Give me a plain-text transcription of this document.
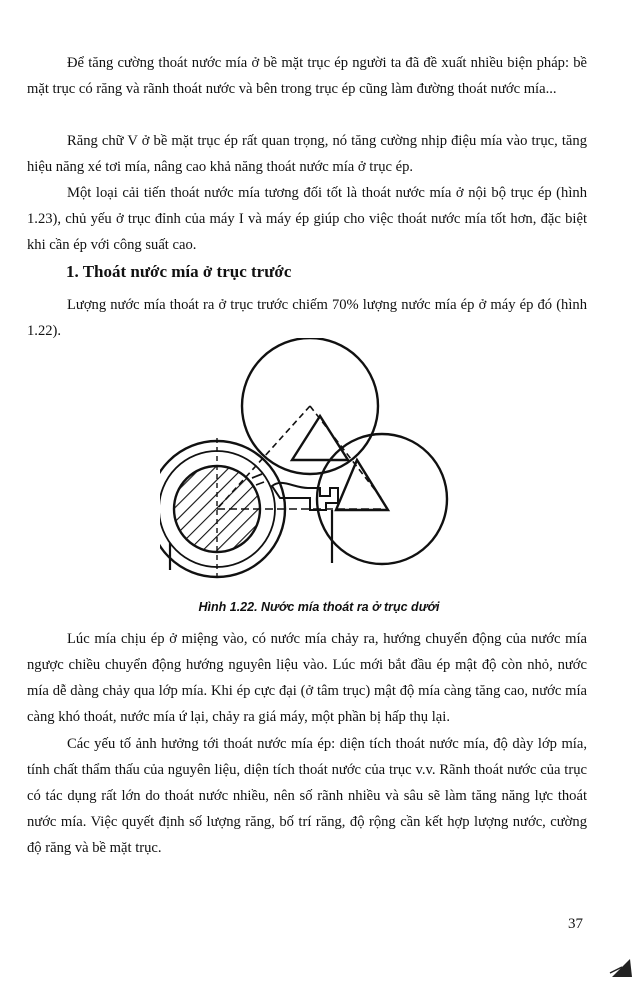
Để tăng cường thoát nước mía ở bề mặt trục ép người ta đã đề xuất nhiều biện pháp: bề mặt trục có răng và rãnh thoát nước và bên trong trục ép cũng làm đường thoát nước mía...

Răng chữ V ở bề mặt trục ép rất quan trọng, nó tăng cường nhịp điệu mía vào trục, tăng hiệu năng xé tơi mía, nâng cao khả năng thoát nước mía ở trục ép.

Một loại cải tiến thoát nước mía tương đối tốt là thoát nước mía ở nội bộ trục ép (hình 1.23), chủ yếu ở trục đỉnh của máy I và máy ép giúp cho việc thoát nước mía tốt hơn, đặc biệt khi cần ép với công suất cao.

1. Thoát nước mía ở trục trước

Lượng nước mía thoát ra ở trục trước chiếm 70% lượng nước mía ép ở máy ép đó (hình 1.22).

Hình 1.22. Nước mía thoát ra ở trục dưới

Lúc mía chịu ép ở miệng vào, có nước mía chảy ra, hướng chuyển động của nước mía ngược chiều chuyển động hướng nguyên liệu vào. Lúc mới bắt đầu ép mật độ còn nhỏ, nước mía dễ dàng chảy qua lớp mía. Khi ép cực đại (ở tâm trục) mật độ mía càng tăng cao, nước mía càng khó thoát, nước mía ứ lại, chảy ra giá máy, một phần bị hấp thụ lại.

Các yếu tố ảnh hưởng tới thoát nước mía ép: diện tích thoát nước mía, độ dày lớp mía, tính chất thẩm thấu của nguyên liệu, diện tích thoát nước của trục v.v. Rãnh thoát nước của trục có tác dụng rất lớn do thoát nước nhiều, nên số rãnh nhiều và sâu sẽ làm tăng năng lực thoát nước mía. Việc quyết định số lượng răng, bố trí răng, độ rộng cần kết hợp lượng nước, cường độ răng và bề mặt trục.

37
